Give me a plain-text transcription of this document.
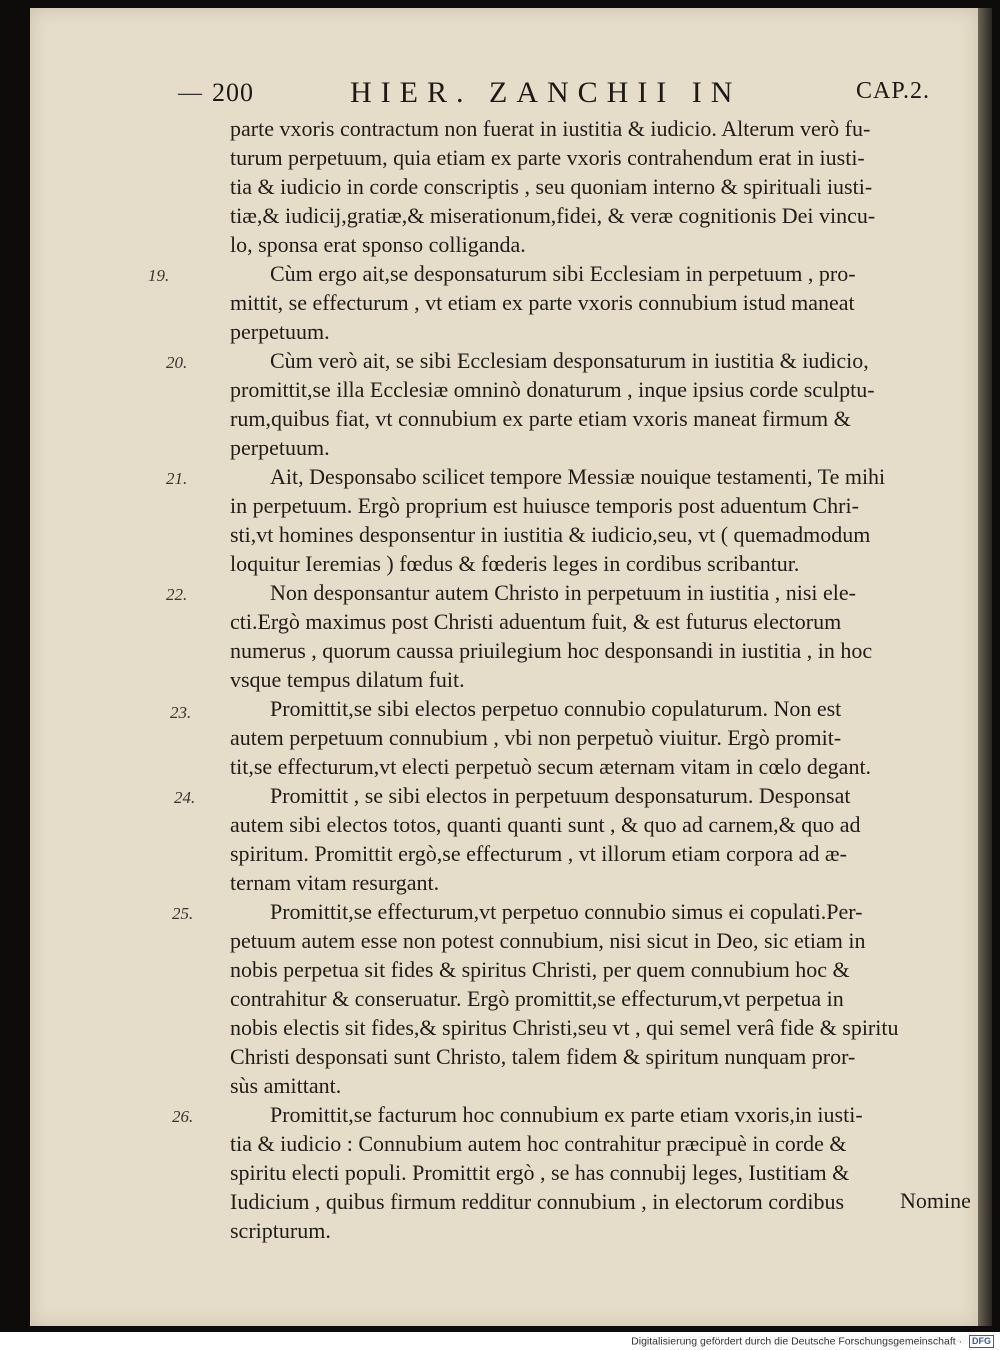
— 200	HIER. ZANCHII IN	CAP.2.
parte vxoris contractum non fuerat in iustitia & iudicio. Alterum verò fu-
turum perpetuum, quia etiam ex parte vxoris contrahendum erat in iusti-
tia & iudicio in corde conscriptis , seu quoniam interno & spirituali iusti-
tiæ,& iudicij,gratiæ,& miserationum,fidei, & veræ cognitionis Dei vincu-
lo, sponsa erat sponso colliganda.
19.	Cùm ergo ait,se desponsaturum sibi Ecclesiam in perpetuum , pro-
mittit, se effecturum , vt etiam ex parte vxoris connubium istud maneat
perpetuum.
20.	Cùm verò ait, se sibi Ecclesiam desponsaturum in iustitia & iudicio,
promittit,se illa Ecclesiæ omninò donaturum , inque ipsius corde sculptu-
rum,quibus fiat, vt connubium ex parte etiam vxoris maneat firmum &
perpetuum.
21.	Ait, Desponsabo scilicet tempore Messiæ nouique testamenti, Te mihi
in perpetuum. Ergò proprium est huiusce temporis post aduentum Chri-
sti,vt homines desponsentur in iustitia & iudicio,seu, vt ( quemadmodum
loquitur Ieremias ) fœdus & fœderis leges in cordibus scribantur.
22.	Non desponsantur autem Christo in perpetuum in iustitia , nisi ele-
cti.Ergò maximus post Christi aduentum fuit, & est futurus electorum
numerus , quorum caussa priuilegium hoc desponsandi in iustitia , in hoc
vsque tempus dilatum fuit.
23.	Promittit,se sibi electos perpetuo connubio copulaturum. Non est
autem perpetuum connubium , vbi non perpetuò viuitur. Ergò promit-
tit,se effecturum,vt electi perpetuò secum æternam vitam in cœlo degant.
24.	Promittit , se sibi electos in perpetuum desponsaturum. Desponsat
autem sibi electos totos, quanti quanti sunt , & quo ad carnem,& quo ad
spiritum. Promittit ergò,se effecturum , vt illorum etiam corpora ad æ-
ternam vitam resurgant.
25.	Promittit,se effecturum,vt perpetuo connubio simus ei copulati.Per-
petuum autem esse non potest connubium, nisi sicut in Deo, sic etiam in
nobis perpetua sit fides & spiritus Christi, per quem connubium hoc &
contrahitur & conseruatur. Ergò promittit,se effecturum,vt perpetua in
nobis electis sit fides,& spiritus Christi,seu vt , qui semel verâ fide & spiritu
Christi desponsati sunt Christo, talem fidem & spiritum nunquam pror-
sùs amittant.
26.	Promittit,se facturum hoc connubium ex parte etiam vxoris,in iusti-
tia & iudicio : Connubium autem hoc contrahitur præcipuè in corde &
spiritu electi populi. Promittit ergò , se has connubij leges, Iustitiam &
Iudicium , quibus firmum redditur connubium , in electorum cordibus
scripturum.
Nomine
Digitalisierung gefördert durch die Deutsche Forschungsgemeinschaft · DFG
